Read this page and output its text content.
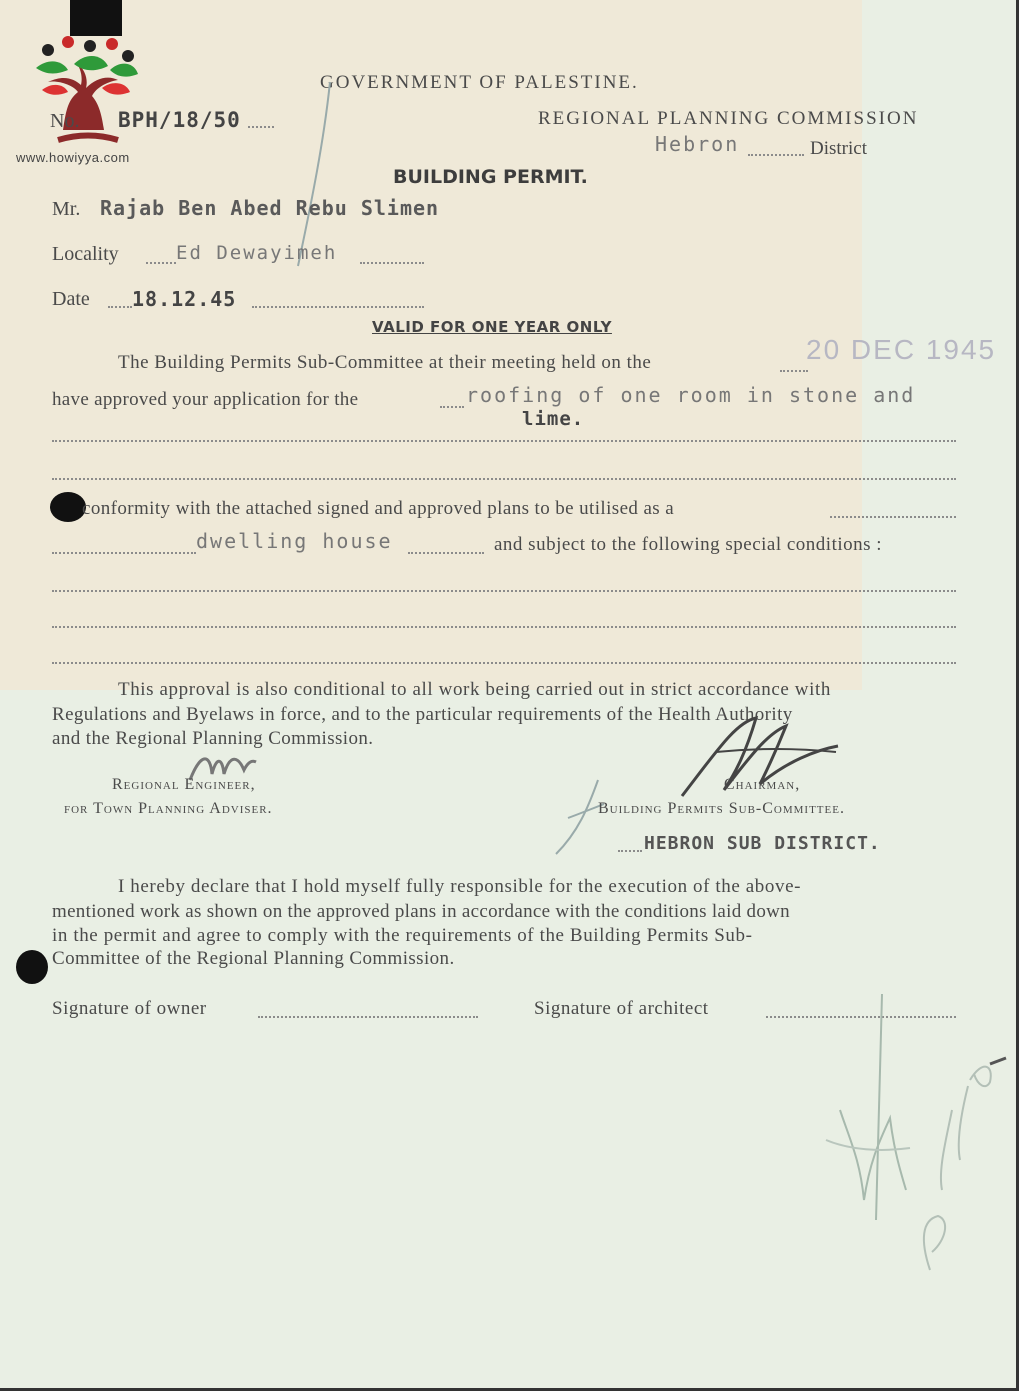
www.howiyya.com
GOVERNMENT OF PALESTINE.
No. BPH/18/50	REGIONAL PLANNING COMMISSION
Hebron	District
BUILDING PERMIT.
Mr. Rajab Ben Abed Rebu Slimen
Locality	Ed Dewayimeh
Date 18.12.45
VALID FOR ONE YEAR ONLY
The Building Permits Sub-Committee at their meeting held on the	20 DEC 1945
have approved your application for the	roofing of one room in stone and
lime.
conformity with the attached signed and approved plans to be utilised as a
dwelling house	and subject to the following special conditions :
This approval is also conditional to all work being carried out in strict accordance with
Regulations and Byelaws in force, and to the particular requirements of the Health Authority
and the Regional Planning Commission.
Regional Engineer,
for Town Planning Adviser.
Chairman,
Building Permits Sub-Committee.
HEBRON SUB DISTRICT.
I hereby declare that I hold myself fully responsible for the execution of the above-
mentioned work as shown on the approved plans in accordance with the conditions laid down
in the permit and agree to comply with the requirements of the Building Permits Sub-
Committee of the Regional Planning Commission.
Signature of owner	Signature of architect
